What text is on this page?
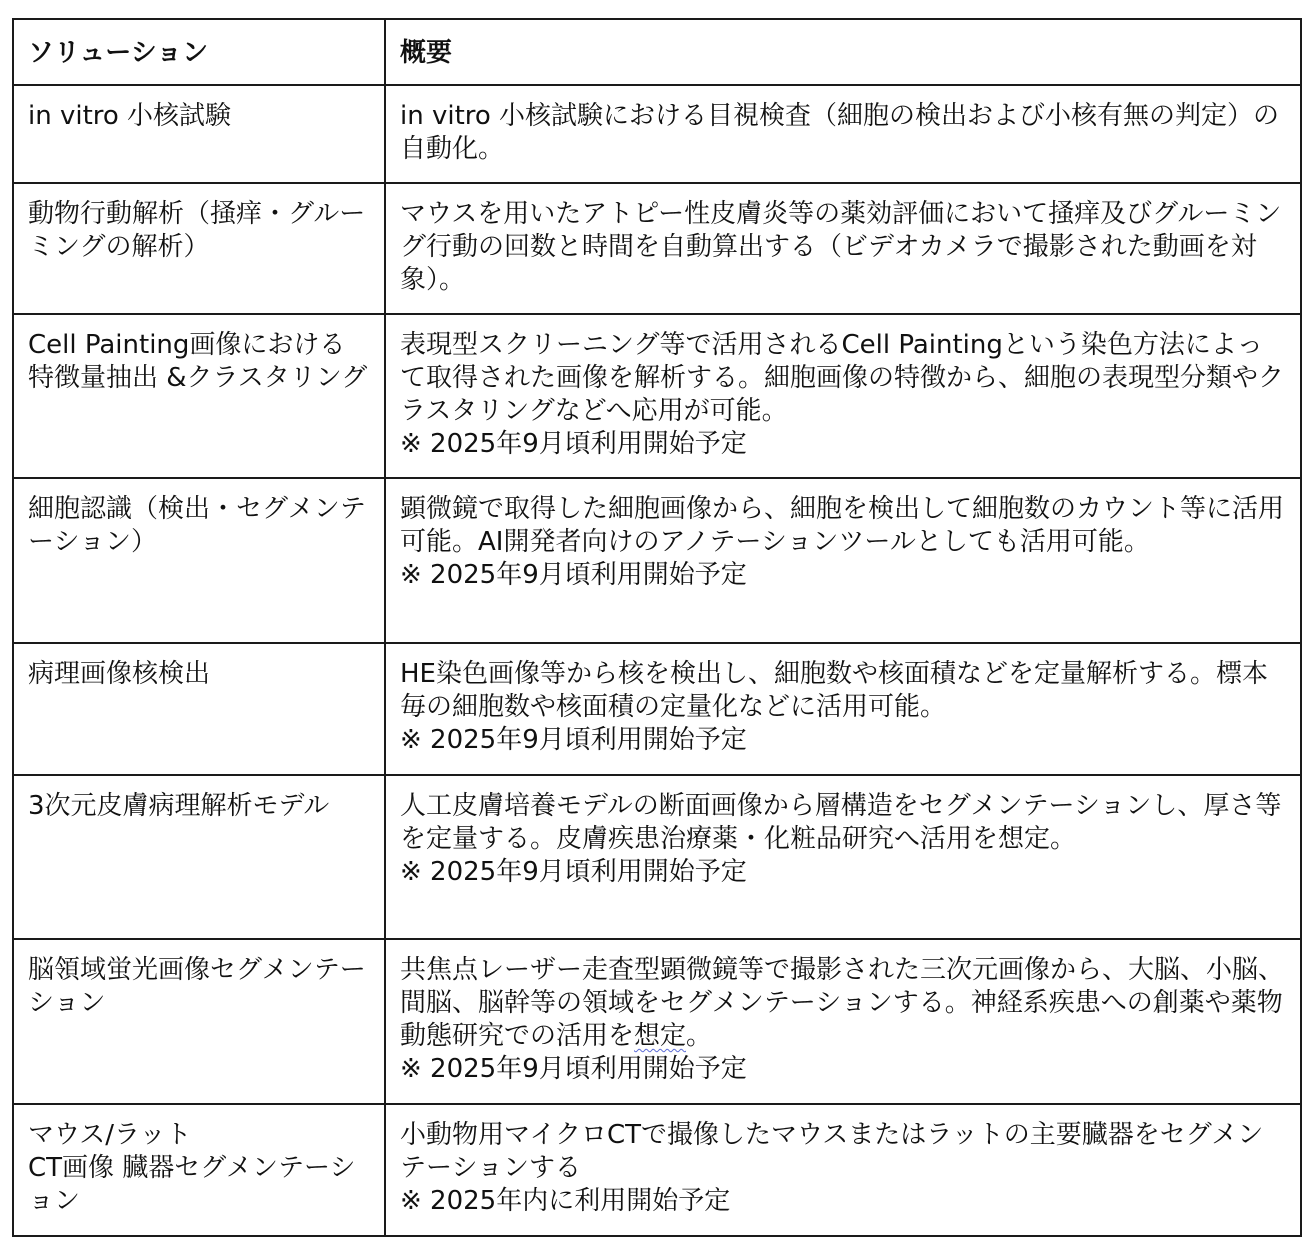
ソリューション	概要
in vitro 小核試験	in vitro 小核試験における目視検査（細胞の検出および小核有無の判定）の自動化。

動物行動解析（掻痒・グルーミングの解析）	マウスを用いたアトピー性皮膚炎等の薬効評価において掻痒及びグルーミング行動の回数と時間を自動算出する（ビデオカメラで撮影された動画を対象）。

Cell Painting画像における特徴量抽出 &クラスタリング	表現型スクリーニング等で活用されるCell Paintingという染色方法によって取得された画像を解析する。細胞画像の特徴から、細胞の表現型分類やクラスタリングなどへ応用が可能。
※ 2025年9月頃利用開始予定

細胞認識（検出・セグメンテーション）	顕微鏡で取得した細胞画像から、細胞を検出して細胞数のカウント等に活用可能。AI開発者向けのアノテーションツールとしても活用可能。
※ 2025年9月頃利用開始予定

病理画像核検出	HE染色画像等から核を検出し、細胞数や核面積などを定量解析する。標本毎の細胞数や核面積の定量化などに活用可能。
※ 2025年9月頃利用開始予定

3次元皮膚病理解析モデル	人工皮膚培養モデルの断面画像から層構造をセグメンテーションし、厚さ等を定量する。皮膚疾患治療薬・化粧品研究へ活用を想定。
※ 2025年9月頃利用開始予定

脳領域蛍光画像セグメンテーション	共焦点レーザー走査型顕微鏡等で撮影された三次元画像から、大脳、小脳、間脳、脳幹等の領域をセグメンテーションする。神経系疾患への創薬や薬物動態研究での活用を想定。
※ 2025年9月頃利用開始予定

マウス/ラット
CT画像 臓器セグメンテーション	小動物用マイクロCTで撮像したマウスまたはラットの主要臓器をセグメンテーションする
※ 2025年内に利用開始予定
